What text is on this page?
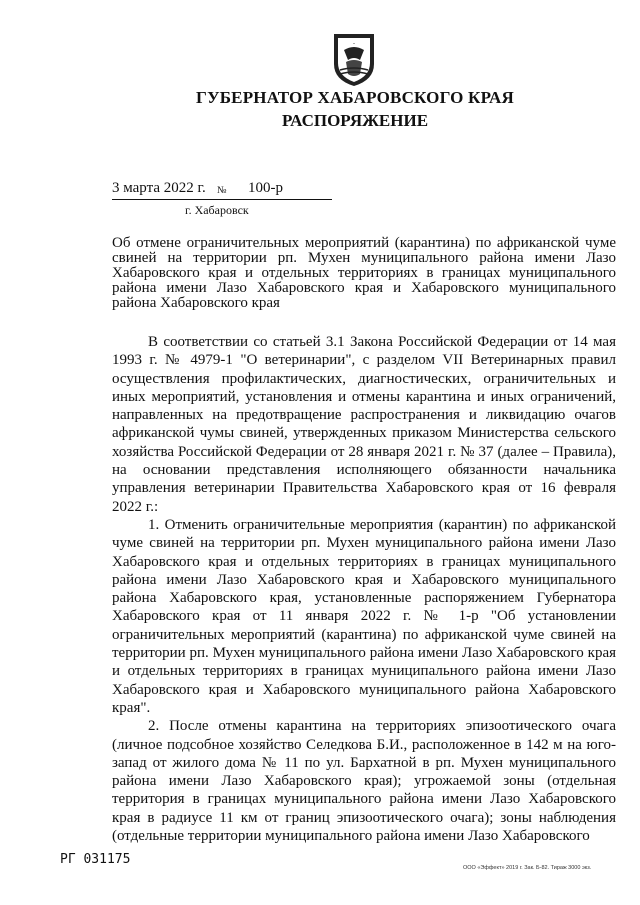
ГУБЕРНАТОР ХАБАРОВСКОГО КРАЯ
РАСПОРЯЖЕНИЕ
3 марта 2022 г. № 100-р
г. Хабаровск
Об отмене ограничительных мероприятий (карантина) по африканской чуме свиней на территории рп. Мухен муниципального района имени Лазо Хабаровского края и отдельных территориях в границах муниципального района имени Лазо Хабаровского края и Хабаровского муниципального района Хабаровского края

В соответствии со статьей 3.1 Закона Российской Федерации от 14 мая 1993 г. № 4979-1 "О ветеринарии", с разделом VII Ветеринарных правил осуществления профилактических, диагностических, ограничительных и иных мероприятий, установления и отмены карантина и иных ограничений, направленных на предотвращение распространения и ликвидацию очагов африканской чумы свиней, утвержденных приказом Министерства сельского хозяйства Российской Федерации от 28 января 2021 г. № 37 (далее – Правила), на основании представления исполняющего обязанности начальника управления ветеринарии Правительства Хабаровского края от 16 февраля 2022 г.:

1. Отменить ограничительные мероприятия (карантин) по африканской чуме свиней на территории рп. Мухен муниципального района имени Лазо Хабаровского края и отдельных территориях в границах муниципального района имени Лазо Хабаровского края и Хабаровского муниципального района Хабаровского края, установленные распоряжением Губернатора Хабаровского края от 11 января 2022 г. № 1-р "Об установлении ограничительных мероприятий (карантина) по африканской чуме свиней на территории рп. Мухен муниципального района имени Лазо Хабаровского края и отдельных территориях в границах муниципального района имени Лазо Хабаровского края и Хабаровского муниципального района Хабаровского края".

2. После отмены карантина на территориях эпизоотического очага (личное подсобное хозяйство Селедкова Б.И., расположенное в 142 м на юго-запад от жилого дома № 11 по ул. Бархатной в рп. Мухен муниципального района имени Лазо Хабаровского края); угрожаемой зоны (отдельная территория в границах муниципального района имени Лазо Хабаровского края в радиусе 11 км от границ эпизоотического очага); зоны наблюдения (отдельные территории муниципального района имени Лазо Хабаровского

РГ 031175
ООО «Эффект» 2019 г. Зак. Б-82. Тираж 3000 экз.
